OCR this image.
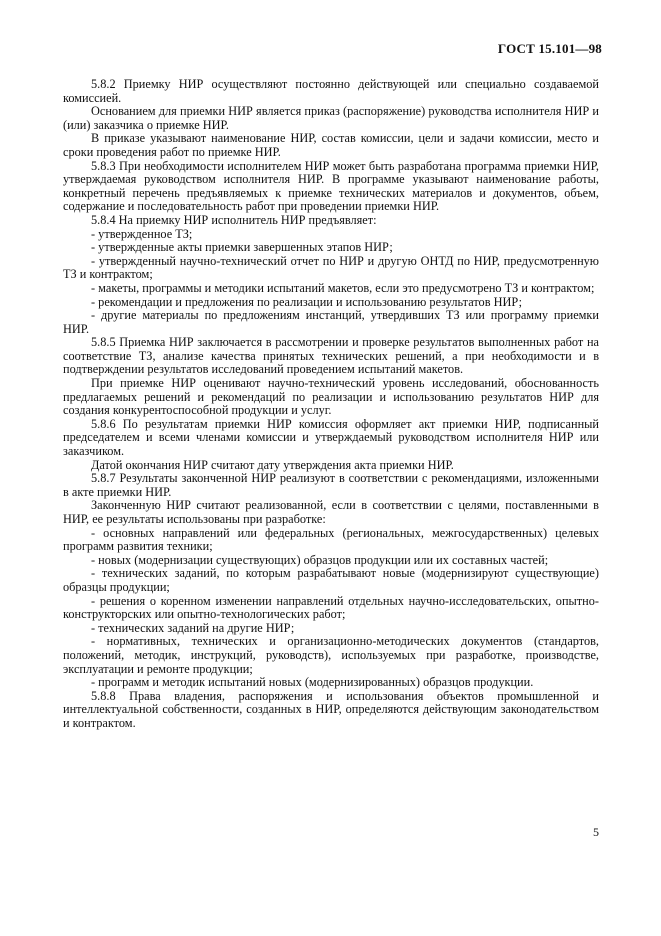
ГОСТ 15.101—98

5.8.2 Приемку НИР осуществляют постоянно действующей или специально создаваемой комиссией.

Основанием для приемки НИР является приказ (распоряжение) руководства исполнителя НИР и (или) заказчика о приемке НИР.

В приказе указывают наименование НИР, состав комиссии, цели и задачи комиссии, место и сроки проведения работ по приемке НИР.

5.8.3 При необходимости исполнителем НИР может быть разработана программа приемки НИР, утверждаемая руководством исполнителя НИР. В программе указывают наименование работы, конкретный перечень предъявляемых к приемке технических материалов и документов, объем, содержание и последовательность работ при проведении приемки НИР.

5.8.4 На приемку НИР исполнитель НИР предъявляет:

- утвержденное ТЗ;

- утвержденные акты приемки завершенных этапов НИР;

- утвержденный научно-технический отчет по НИР и другую ОНТД по НИР, предусмотренную ТЗ и контрактом;

- макеты, программы и методики испытаний макетов, если это предусмотрено ТЗ и контрактом;

- рекомендации и предложения по реализации и использованию результатов НИР;

- другие материалы по предложениям инстанций, утвердивших ТЗ или программу приемки НИР.

5.8.5 Приемка НИР заключается в рассмотрении и проверке результатов выполненных работ на соответствие ТЗ, анализе качества принятых технических решений, а при необходимости и в подтверждении результатов исследований проведением испытаний макетов.

При приемке НИР оценивают научно-технический уровень исследований, обоснованность предлагаемых решений и рекомендаций по реализации и использованию результатов НИР для создания конкурентоспособной продукции и услуг.

5.8.6 По результатам приемки НИР комиссия оформляет акт приемки НИР, подписанный председателем и всеми членами комиссии и утверждаемый руководством исполнителя НИР или заказчиком.

Датой окончания НИР считают дату утверждения акта приемки НИР.

5.8.7 Результаты законченной НИР реализуют в соответствии с рекомендациями, изложенными в акте приемки НИР.

Законченную НИР считают реализованной, если в соответствии с целями, поставленными в НИР, ее результаты использованы при разработке:

- основных направлений или федеральных (региональных, межгосударственных) целевых программ развития техники;

- новых (модернизации существующих) образцов продукции или их составных частей;

- технических заданий, по которым разрабатывают новые (модернизируют существующие) образцы продукции;

- решения о коренном изменении направлений отдельных научно-исследовательских, опытно-конструкторских или опытно-технологических работ;

- технических заданий на другие НИР;

- нормативных, технических и организационно-методических документов (стандартов, положений, методик, инструкций, руководств), используемых при разработке, производстве, эксплуатации и ремонте продукции;

- программ и методик испытаний новых (модернизированных) образцов продукции.

5.8.8 Права владения, распоряжения и использования объектов промышленной и интеллектуальной собственности, созданных в НИР, определяются действующим законодательством и контрактом.

5
